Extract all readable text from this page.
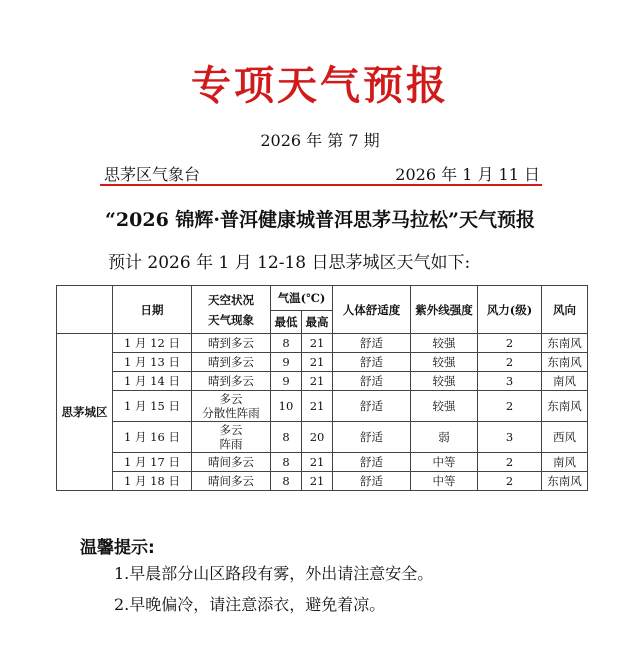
专项天气预报
2026 年 第 7 期
思茅区气象台	2026 年 1 月 11 日
“2026 锦辉·普洱健康城普洱思茅马拉松”天气预报
预计 2026 年 1 月 12-18 日思茅城区天气如下:
	日期	天空状况
天气现象	气温(℃)		人体舒适度	紫外线强度	风力(级)	风向
			最低	最高				
思茅城区	1 月 12 日	晴到多云	8	21	舒适	较强	2	东南风
	1 月 13 日	晴到多云	9	21	舒适	较强	2	东南风
	1 月 14 日	晴到多云	9	21	舒适	较强	3	南风
	1 月 15 日	多云
分散性阵雨	10	21	舒适	较强	2	东南风
	1 月 16 日	多云
阵雨	8	20	舒适	弱	3	西风
	1 月 17 日	晴间多云	8	21	舒适	中等	2	南风
	1 月 18 日	晴间多云	8	21	舒适	中等	2	东南风
温馨提示:
1.早晨部分山区路段有雾，外出请注意安全。
2.早晚偏冷，请注意添衣，避免着凉。
